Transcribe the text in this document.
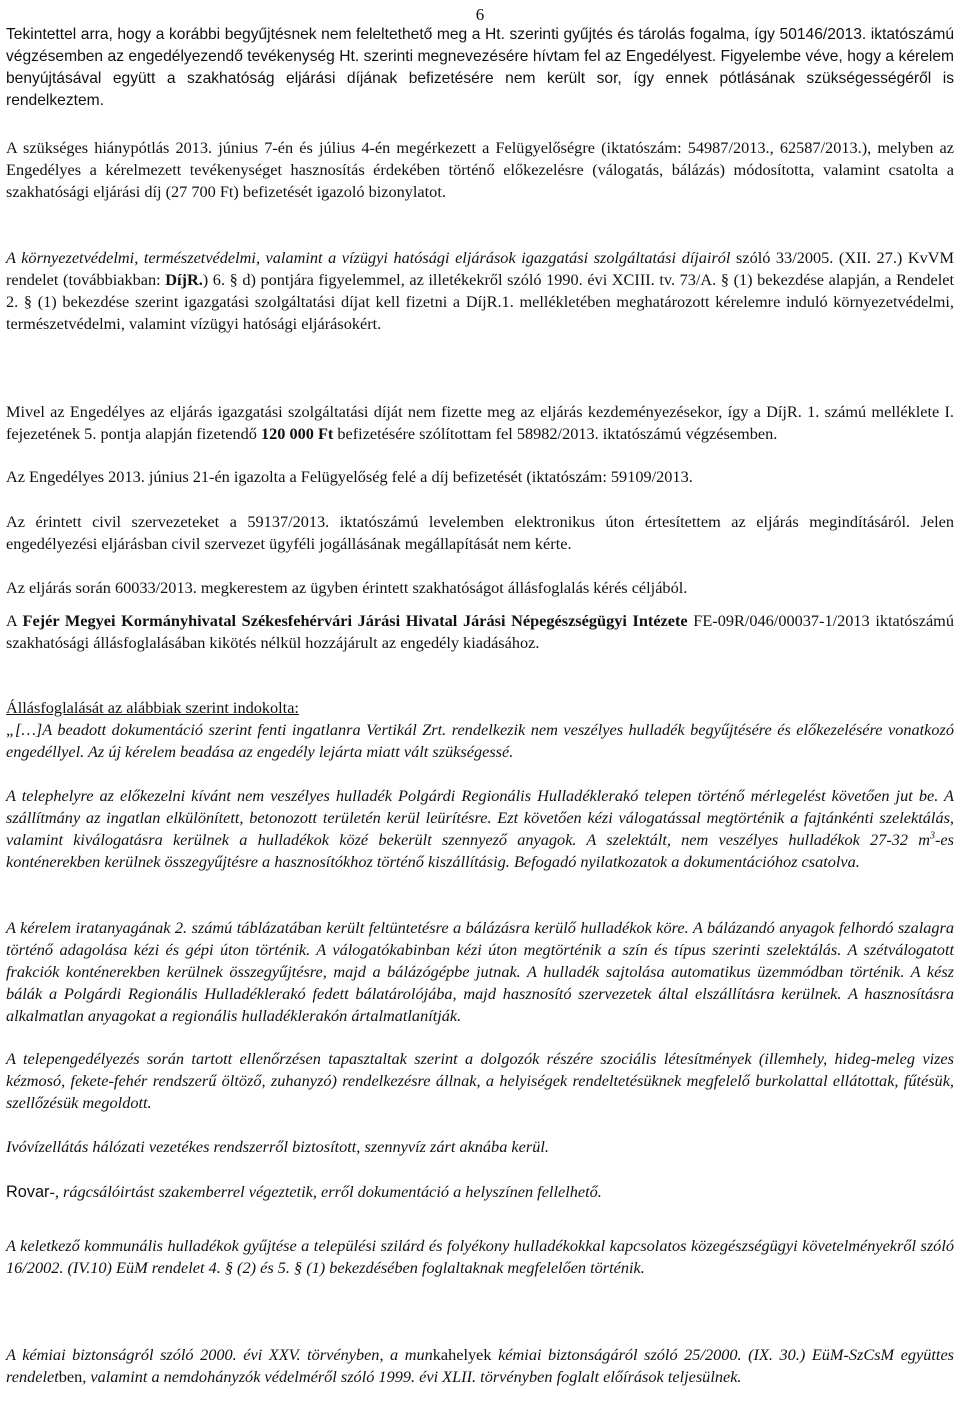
6

Tekintettel arra, hogy a korábbi begyűjtésnek nem feleltethető meg a Ht. szerinti gyűjtés és tárolás fogalma, így 50146/2013. iktatószámú végzésemben az engedélyezendő tevékenység Ht. szerinti megnevezésére hívtam fel az Engedélyest. Figyelembe véve, hogy a kérelem benyújtásával együtt a szakhatóság eljárási díjának befizetésére nem került sor, így ennek pótlásának szükségességéről is rendelkeztem.

A szükséges hiánypótlás 2013. június 7-én és július 4-én megérkezett a Felügyelőségre (iktatószám: 54987/2013., 62587/2013.), melyben az Engedélyes a kérelmezett tevékenységet hasznosítás érdekében történő előkezelésre (válogatás, bálázás) módosította, valamint csatolta a szakhatósági eljárási díj (27 700 Ft) befizetését igazoló bizonylatot.

A környezetvédelmi, természetvédelmi, valamint a vízügyi hatósági eljárások igazgatási szolgáltatási díjairól szóló 33/2005. (XII. 27.) KvVM rendelet (továbbiakban: DíjR.) 6. § d) pontjára figyelemmel, az illetékekről szóló 1990. évi XCIII. tv. 73/A. § (1) bekezdése alapján, a Rendelet 2. § (1) bekezdése szerint igazgatási szolgáltatási díjat kell fizetni a DíjR.1. mellékletében meghatározott kérelemre induló környezetvédelmi, természetvédelmi, valamint vízügyi hatósági eljárásokért.

Mivel az Engedélyes az eljárás igazgatási szolgáltatási díját nem fizette meg az eljárás kezdeményezésekor, így a DíjR. 1. számú melléklete I. fejezetének 5. pontja alapján fizetendő 120 000 Ft befizetésére szólítottam fel 58982/2013. iktatószámú végzésemben.

Az Engedélyes 2013. június 21-én igazolta a Felügyelőség felé a díj befizetését (iktatószám: 59109/2013.

Az érintett civil szervezeteket a 59137/2013. iktatószámú levelemben elektronikus úton értesítettem az eljárás megindításáról. Jelen engedélyezési eljárásban civil szervezet ügyféli jogállásának megállapítását nem kérte.

Az eljárás során 60033/2013. megkerestem az ügyben érintett szakhatóságot állásfoglalás kérés céljából.

A Fejér Megyei Kormányhivatal Székesfehérvári Járási Hivatal Járási Népegészségügyi Intézete FE-09R/046/00037-1/2013 iktatószámú szakhatósági állásfoglalásában kikötés nélkül hozzájárult az engedély kiadásához.

Állásfoglalását az alábbiak szerint indokolta:

„[…]A beadott dokumentáció szerint fenti ingatlanra Vertikál Zrt. rendelkezik nem veszélyes hulladék begyűjtésére és előkezelésére vonatkozó engedéllyel. Az új kérelem beadása az engedély lejárta miatt vált szükségessé.

A telephelyre az előkezelni kívánt nem veszélyes hulladék Polgárdi Regionális Hulladéklerakó telepen történő mérlegelést követően jut be. A szállítmány az ingatlan elkülönített, betonozott területén kerül leürítésre. Ezt követően kézi válogatással megtörténik a fajtánkénti szelektálás, valamint kiválogatásra kerülnek a hulladékok közé bekerült szennyező anyagok. A szelektált, nem veszélyes hulladékok 27-32 $m^3-es$ konténerekben kerülnek összegyűjtésre a hasznosítókhoz történő kiszállításig. Befogadó nyilatkozatok a dokumentációhoz csatolva.

A kérelem iratanyagának 2. számú táblázatában került feltüntetésre a bálázásra kerülő hulladékok köre. A bálázandó anyagok felhordó szalagra történő adagolása kézi és gépi úton történik. A válogatókabinban kézi úton megtörténik a szín és típus szerinti szelektálás. A szétválogatott frakciók konténerekben kerülnek összegyűjtésre, majd a bálázógépbe jutnak. A hulladék sajtolása automatikus üzemmódban történik. A kész bálák a Polgárdi Regionális Hulladéklerakó fedett bálatárolójába, majd hasznosító szervezetek által elszállításra kerülnek. A hasznosításra alkalmatlan anyagokat a regionális hulladéklerakón ártalmatlanítják.

A telepengedélyezés során tartott ellenőrzésen tapasztaltak szerint a dolgozók részére szociális létesítmények (illemhely, hideg-meleg vizes kézmosó, fekete-fehér rendszerű öltöző, zuhanyzó) rendelkezésre állnak, a helyiségek rendeltetésüknek megfelelő burkolattal ellátottak, fűtésük, szellőzésük megoldott.

Ivóvízellátás hálózati vezetékes rendszerről biztosított, szennyvíz zárt aknába kerül.

Rovar-, rágcsálóirtást szakemberrel végeztetik, erről dokumentáció a helyszínen fellelhető.

A keletkező kommunális hulladékok gyűjtése a települési szilárd és folyékony hulladékokkal kapcsolatos közegészségügyi követelményekről szóló 16/2002. (IV.10) EüM rendelet 4. § (2) és 5. § (1) bekezdésében foglaltaknak megfelelően történik.

A kémiai biztonságról szóló 2000. évi XXV. törvényben, a munkahelyek kémiai biztonságáról szóló 25/2000. (IX. 30.) EüM-SzCsM együttes rendeletben, valamint a nemdohányzók védelméről szóló 1999. évi XLII. törvényben foglalt előírások teljesülnek.
